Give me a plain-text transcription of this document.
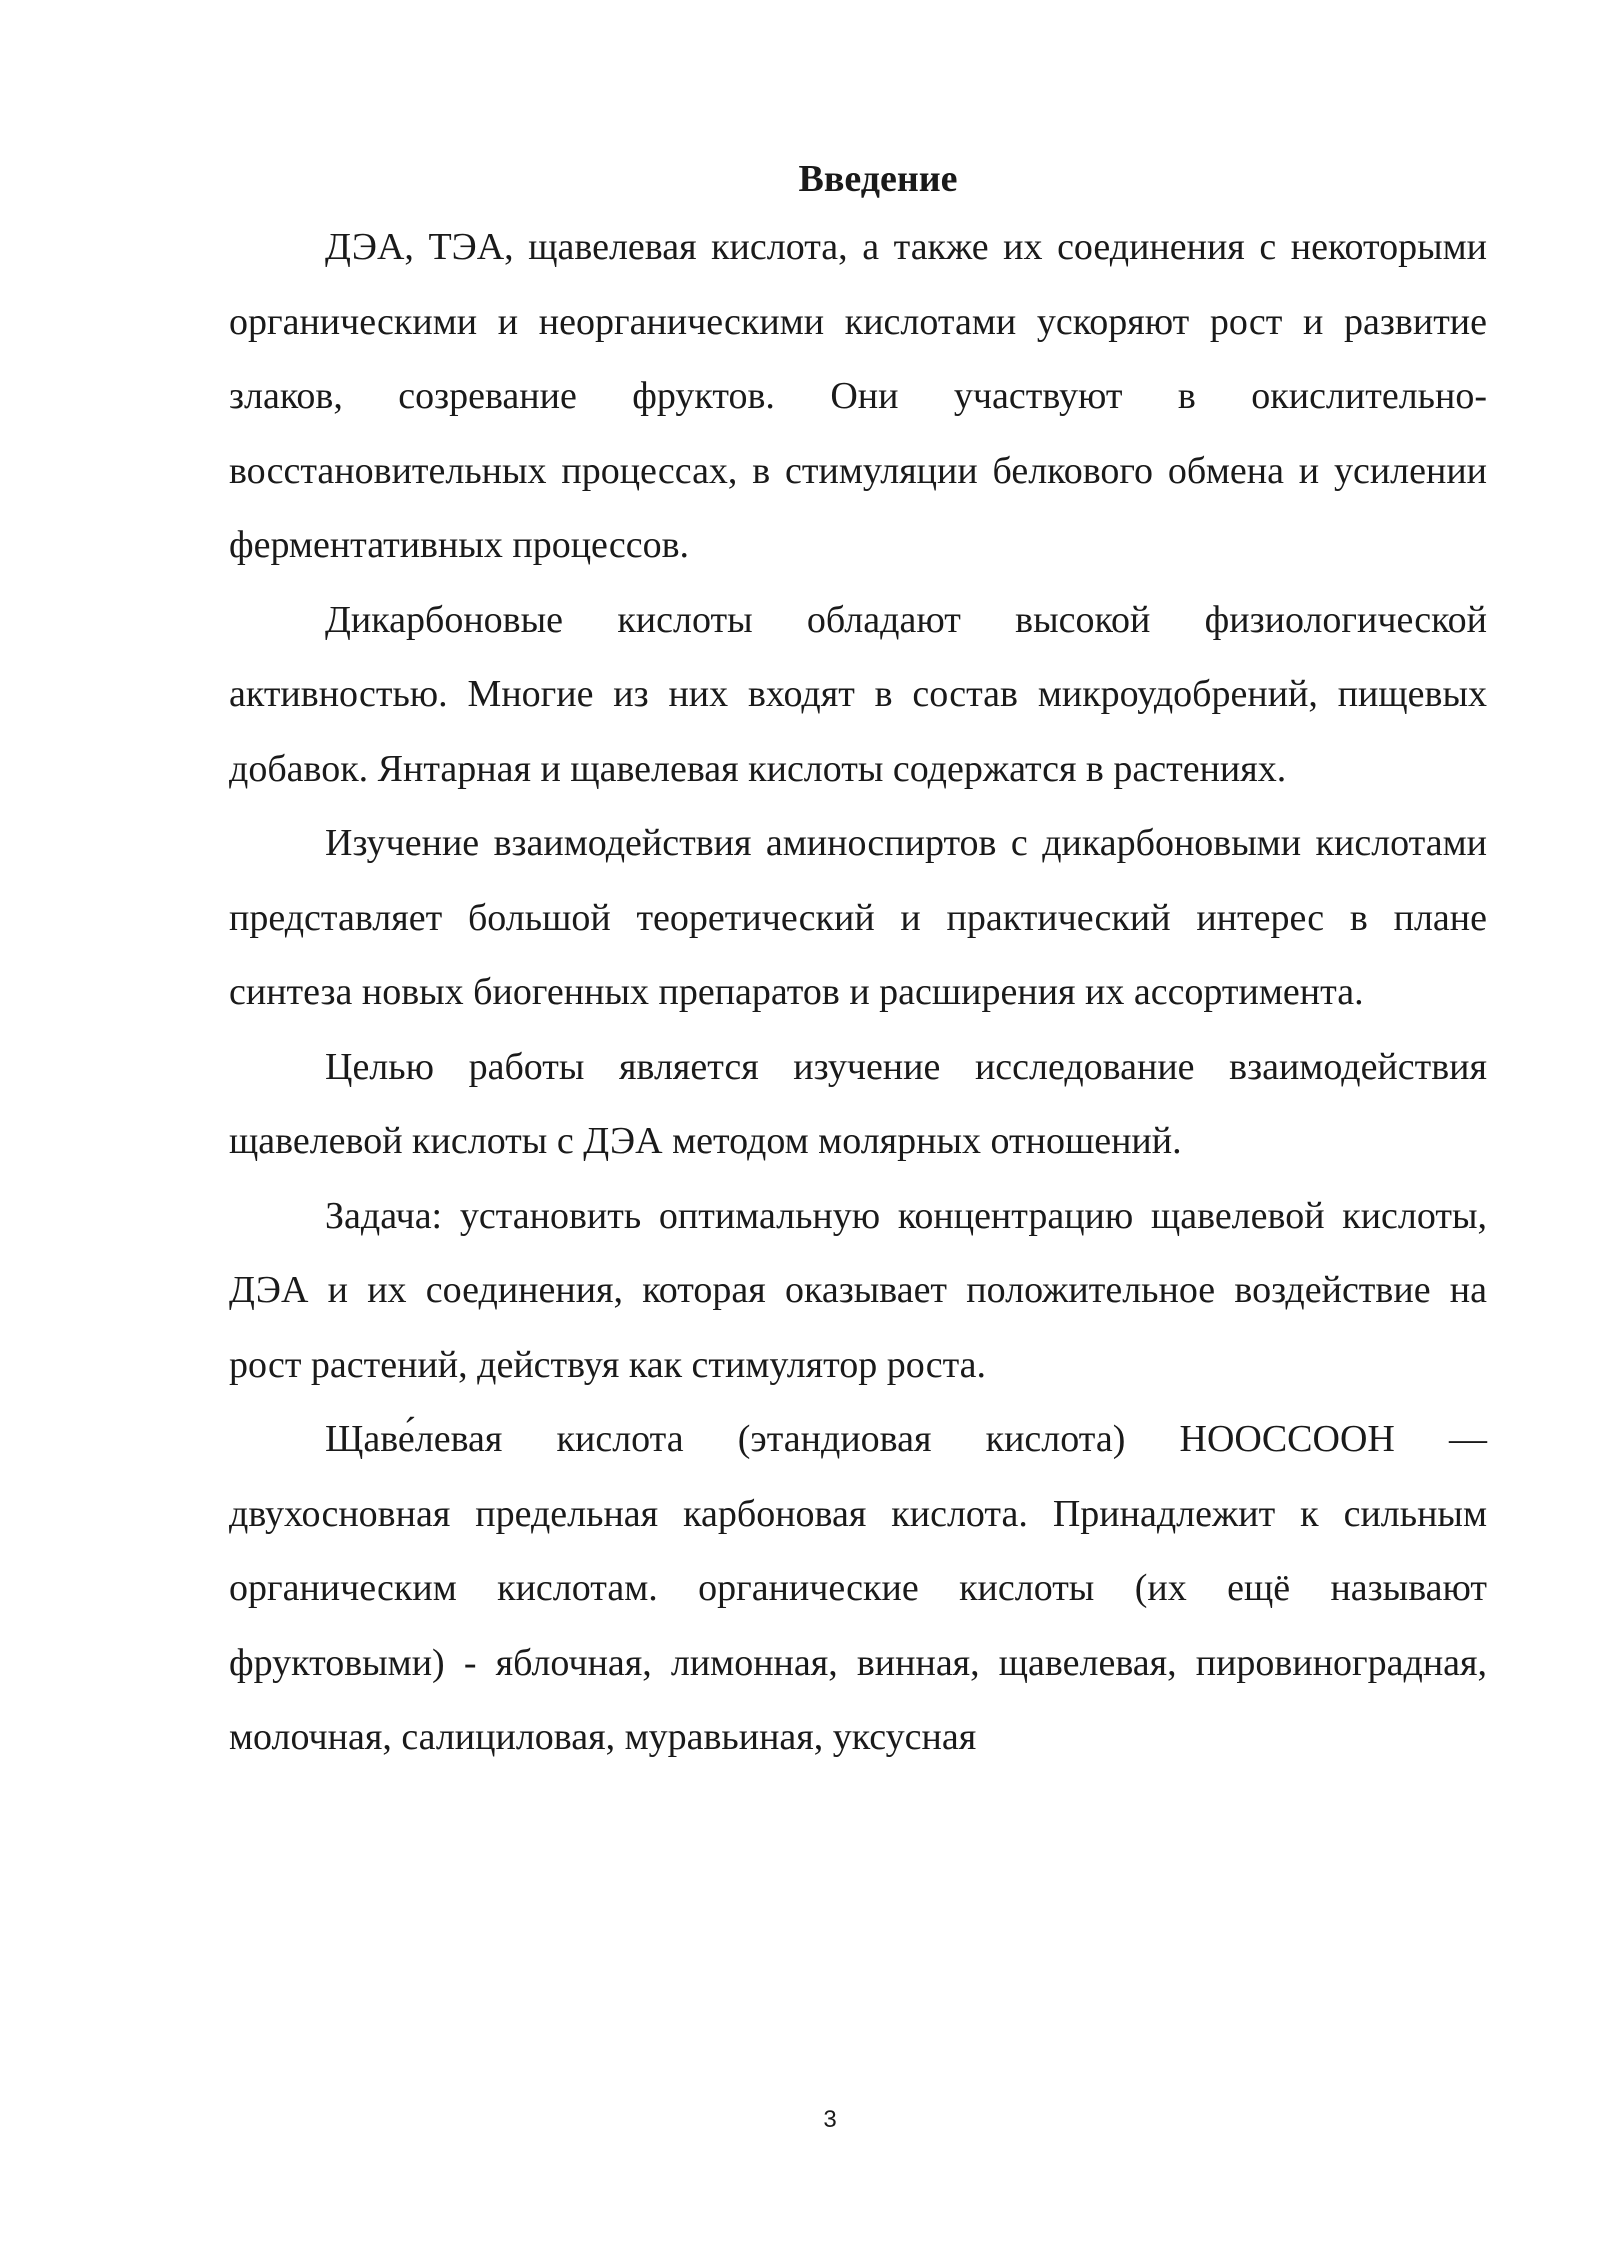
Введение

ДЭА, ТЭА, щавелевая кислота, а также их соединения с некоторыми органическими и неорганическими кислотами ускоряют рост и развитие злаков, созревание фруктов. Они участвуют в окислительно-восстановительных процессах, в стимуляции белкового обмена и усилении ферментативных процессов.

Дикарбоновые кислоты обладают высокой физиологической активностью. Многие из них входят в состав микроудобрений, пищевых добавок. Янтарная и щавелевая кислоты содержатся в растениях.

Изучение взаимодействия аминоспиртов с дикарбоновыми кислотами представляет большой теоретический и практический интерес в плане синтеза новых биогенных препаратов и расширения их ассортимента.

Целью работы является изучение исследование взаимодействия щавелевой кислоты с ДЭА методом молярных отношений.

Задача: установить оптимальную концентрацию щавелевой кислоты, ДЭА и их соединения, которая оказывает положительное воздействие на рост растений, действуя как стимулятор роста.

Щаве́левая кислота (этандиовая кислота) HOOCCOOH — двухосновная предельная карбоновая кислота. Принадлежит к сильным органическим кислотам. органические кислоты (их ещё называют фруктовыми) - яблочная, лимонная, винная, щавелевая, пировиноградная, молочная, салициловая, муравьиная, уксусная

3
